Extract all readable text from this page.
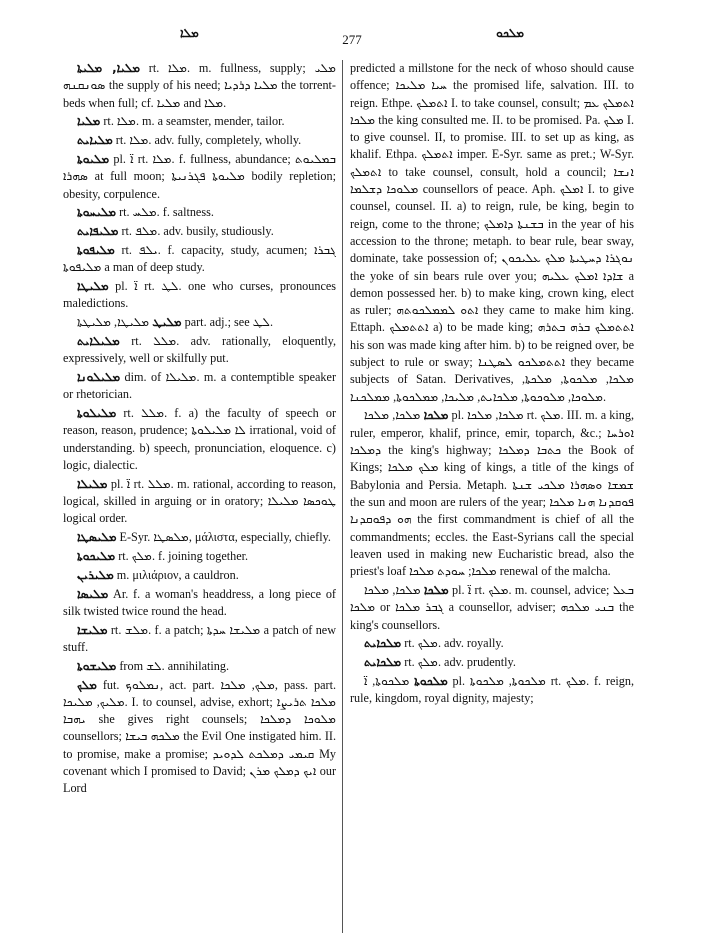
ܡܠܐ	277	ܡܠܟܘ

ܡܠܝܐ, ܡܠܝܬܐ rt. ܡܠܐ. m. fullness, supply; ܡܠܝ ܣܘܢܩܢܗ the supply of his need; ܡܠܝܐ ܕܪܕܝܐ the torrent-beds when full; cf. ܡܠܝܐ and ܡܠܐ.

ܡܠܝܐ rt. ܡܠܐ. m. a seamster, mender, tailor.

ܡܠܝܐܝܬ rt. ܡܠܐ. adv. fully, completely, wholly.

ܡܠܝܘܬܐ pl. ܐ̈ rt. ܡܠܐ. f. fullness, abundance; ܒܡܠܝܘܬ ܣܗܪܐ at full moon; ܡܠܝܘܬܐ ܦܓܪܢܝܬܐ bodily repletion; obesity, corpulence.

ܡܠܝܚܘܬܐ rt. ܡܠܚ. f. saltness.

ܡܠܝܦܐܝܬ rt. ܡܠܦ. adv. busily, studiously.

ܡܠܝܦܘܬܐ rt. ܝܠܦ. f. capacity, study, acumen; ܓܒܪܐ ܡܠܝܦܘܬܐ a man of deep study.

ܡܠܝܛܐ pl. ܐ̈ rt. ܠܛ. one who curses, pronounces maledictions.

ܡܠܝܛ ܡܠܝܛܐ, ܡܠܝܛܬܐ part. adj.; see ܠܛ.

ܡܠܝܠܐܝܬ rt. ܡܠܠ. adv. rationally, eloquently, expressively, well or skilfully put.

ܡܠܝܠܘܢܐ dim. of ܡܠܝܠܐ. m. a contemptible speaker or rhetorician.

ܡܠܝܠܘܬܐ rt. ܡܠܠ. f. a) the faculty of speech or reason, reason, prudence; ܠܐ ܡܠܝܠܘܬܐ irrational, void of understanding. b) speech, pronunciation, eloquence. c) logic, dialectic.

ܡܠܝܠܐ pl. ܐ̈ rt. ܡܠܠ. m. rational, according to reason, logical, skilled in arguing or in oratory; ܛܘܟܣܐ ܡܠܝܠܐ logical order.

ܡܠܝܣܛܐ E-Syr. ܡܠܣܛܐ, μάλιστα, especially, chiefly.

ܡܠܝܟܘܬܐ rt. ܡܠܟ. f. joining together.

ܡܠܝܪܝܢ m. μιλιάριον, a cauldron.

ܡܠܝܣܐ Ar. f. a woman's headdress, a long piece of silk twisted twice round the head.

ܡܠܝܫܐ rt. ܡܠܫ. f. a patch; ܡܠܝܫܐ ܚܕܬܐ a patch of new stuff.

ܡܠܝܫܘܬܐ from ܠܫ. annihilating.

ܡܠܟ fut. ܢܡܠܘܟ, act. part. ܡܠܟ, ܡܠܟܐ, pass. part. ܡܠܝܟ, ܡܠܝܟܐ. I. to counsel, advise, exhort; ܡܠܟܐ ܬܪܝܨܐ ܝܗܒܐ she gives right counsels; ܡܠܘܟܐ ܕܡܠܟܐ counsellors; ܡܠܟܗ ܒܝܫܐ the Evil One instigated him. II. to promise, make a promise; ܩܝܡܝ ܕܡܠܟܬ ܠܕܘܝܕ My covenant which I promised to David; ܐܝܟ ܕܡܠܟ ܡܪܢ our Lord

predicted a millstone for the neck of whoso should cause offence; ܚܝܐ ܡܠܝܟܐ the promised life, salvation. III. to reign. Ethpe. ܐܬܡܠܟ I. to take counsel, consult; ܐܬܡܠܟ ܥܡ ܡܠܟܐ the king consulted me. II. to be promised. Pa. ܡܠܟ I. to give counsel. II, to promise. III. to set up as king, as khalif. Ethpa. ܐܬܡܠܟ imper. E-Syr. same as pret.; W-Syr. ܐܬܡܠܟ to take counsel, consult, hold a council; ܐܢܫܐ ܡܠܘܟܐ ܕܫܠܡܐ counsellors of peace. Aph. ܐܡܠܟ I. to give counsel, counsel. II. a) to reign, rule, be king, begin to reign, come to the throne; ܒܫܢܬܐ ܕܐܡܠܟ in the year of his accession to the throne; metaph. to bear rule, bear sway, dominate, take possession of; ܢܘܓܪܐ ܕܚܛܝܬܐ ܡܠܟ ܥܠܝܟܘܢ the yoke of sin bears rule over you; ܫܐܕܐ ܐܡܠܟ ܥܠܝܗ a demon possessed her. b) to make king, crown king, elect as ruler; ܐܬܘ ܠܡܡܠܟܘܬܗ they came to make him king. Ettaph. ܐܬܬܡܠܟ a) to be made king; ܐܬܬܡܠܟ ܒܪܗ ܒܬܪܗ his son was made king after him. b) to be reigned over, be subject to rule or sway; ܐܬܬܡܠܟܘ ܠܣܛܢܐ they became subjects of Satan. Derivatives, ܡܠܟܐ, ܡܠܟܘܬܐ, ܡܠܟܬܐ, ܡܠܘܟܐ, ܡܠܘܟܘܬܐ, ܡܠܟܐܝܬ, ܡܠܝܟܐ, ܡܡܠܟܘܬܐ, ܡܡܠܟܢܐ.

ܡܠܟܐ ܡܠܟܐ, ܡܠܟܐ pl. ܡܠܟܐ, ܡܠܟܐ rt. ܡܠܟ. III. m. a king, ruler, emperor, khalif, prince, emir, toparch, &c.; ܐܘܪܚܐ ܕܡܠܟܐ the king's highway; ܟܬܒܐ ܕܡܠܟܐ the Book of Kings; ܡܠܟ ܡܠܟܐ king of kings, a title of the kings of Babylonia and Persia. Metaph. ܫܡܫܐ ܘܣܗܪܐ ܡܠܟܝ ܫܢܬܐ the sun and moon are rulers of the year; ܦܘܩܕܢܐ ܗܢܐ ܡܠܟܐ ܗܘ ܕܦܘܩܕܢܐ the first commandment is chief of all the commandments; eccles. the East-Syrians call the special leaven used in making new Eucharistic bread, also the priest's loaf ܡܠܟܐ; ܚܘܕܬ ܡܠܟܐ renewal of the malcha.

ܡܠܟܐ ܡܠܟܐ, ܡܠܟܐ pl. ܐ̈ rt. ܡܠܟ. m. counsel, advice; ܒܥܠ ܡܠܟܐ or ܓܒܪ ܡܠܟܐ a counsellor, adviser; ܒܢܝ ܡܠܟܗ the king's counsellors.

ܡܠܟܐܝܬ rt. ܡܠܟ. adv. royally.

ܡܠܟܐܝܬ rt. ܡܠܟ. adv. prudently.

ܡܠܟܘܬܐ ܡܠܟܘܬܐ, ܐ̈ pl. ܡܠܟܘܬܐ, ܡܠܟܘܬܐ rt. ܡܠܟ. f. reign, rule, kingdom, royal dignity, majesty;
